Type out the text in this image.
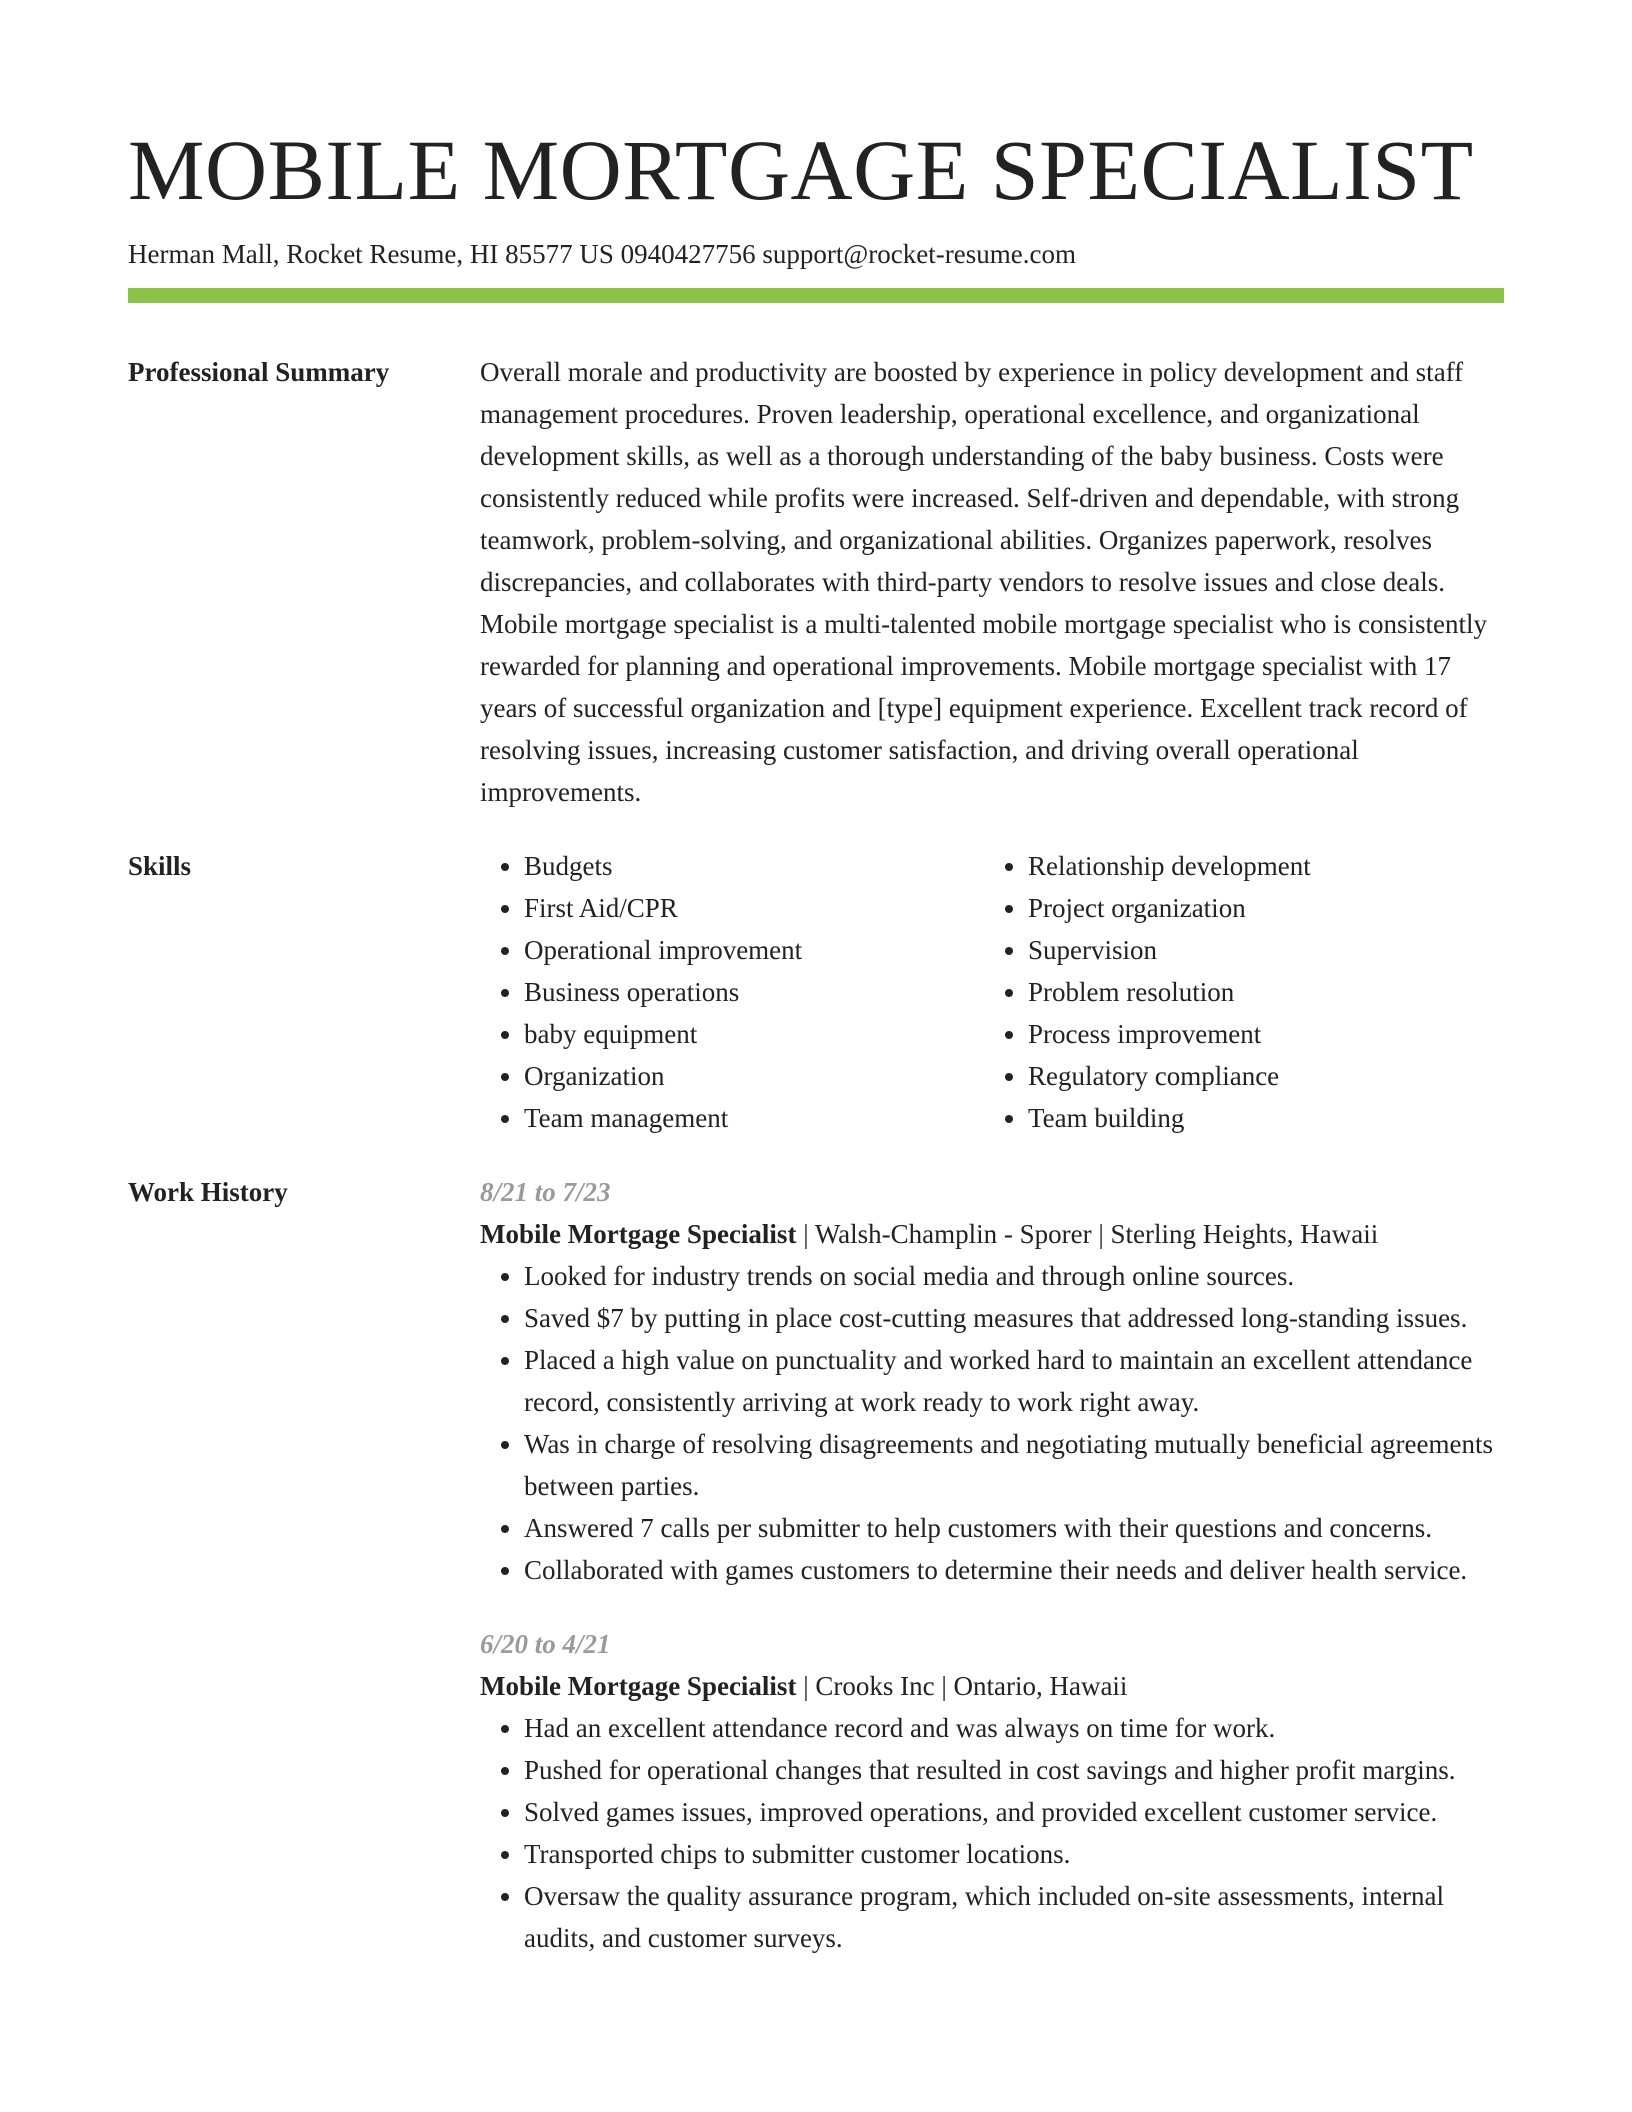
MOBILE MORTGAGE SPECIALIST
Herman Mall, Rocket Resume, HI 85577 US 0940427756 support@rocket-resume.com
Professional Summary	Overall morale and productivity are boosted by experience in policy development and staff management procedures. Proven leadership, operational excellence, and organizational development skills, as well as a thorough understanding of the baby business. Costs were consistently reduced while profits were increased. Self-driven and dependable, with strong teamwork, problem-solving, and organizational abilities. Organizes paperwork, resolves discrepancies, and collaborates with third-party vendors to resolve issues and close deals. Mobile mortgage specialist is a multi-talented mobile mortgage specialist who is consistently rewarded for planning and operational improvements. Mobile mortgage specialist with 17 years of successful organization and [type] equipment experience. Excellent track record of resolving issues, increasing customer satisfaction, and driving overall operational improvements.

Skills
•	Budgets
• First Aid/CPR
• Operational improvement
• Business operations
• baby equipment
• Organization
• Team management
• Relationship development
• Project organization
• Supervision
• Problem resolution
• Process improvement
• Regulatory compliance
• Team building
Work History	8/21 to 7/23
Mobile Mortgage Specialist | Walsh-Champlin - Sporer | Sterling Heights, Hawaii
• Looked for industry trends on social media and through online sources.
• Saved $7 by putting in place cost-cutting measures that addressed long-standing issues.
• Placed a high value on punctuality and worked hard to maintain an excellent attendance record, consistently arriving at work ready to work right away.
• Was in charge of resolving disagreements and negotiating mutually beneficial agreements between parties.
• Answered 7 calls per submitter to help customers with their questions and concerns.
• Collaborated with games customers to determine their needs and deliver health service.
6/20 to 4/21
Mobile Mortgage Specialist | Crooks Inc | Ontario, Hawaii
• Had an excellent attendance record and was always on time for work.
• Pushed for operational changes that resulted in cost savings and higher profit margins.
• Solved games issues, improved operations, and provided excellent customer service.
• Transported chips to submitter customer locations.
• Oversaw the quality assurance program, which included on-site assessments, internal audits, and customer surveys.
